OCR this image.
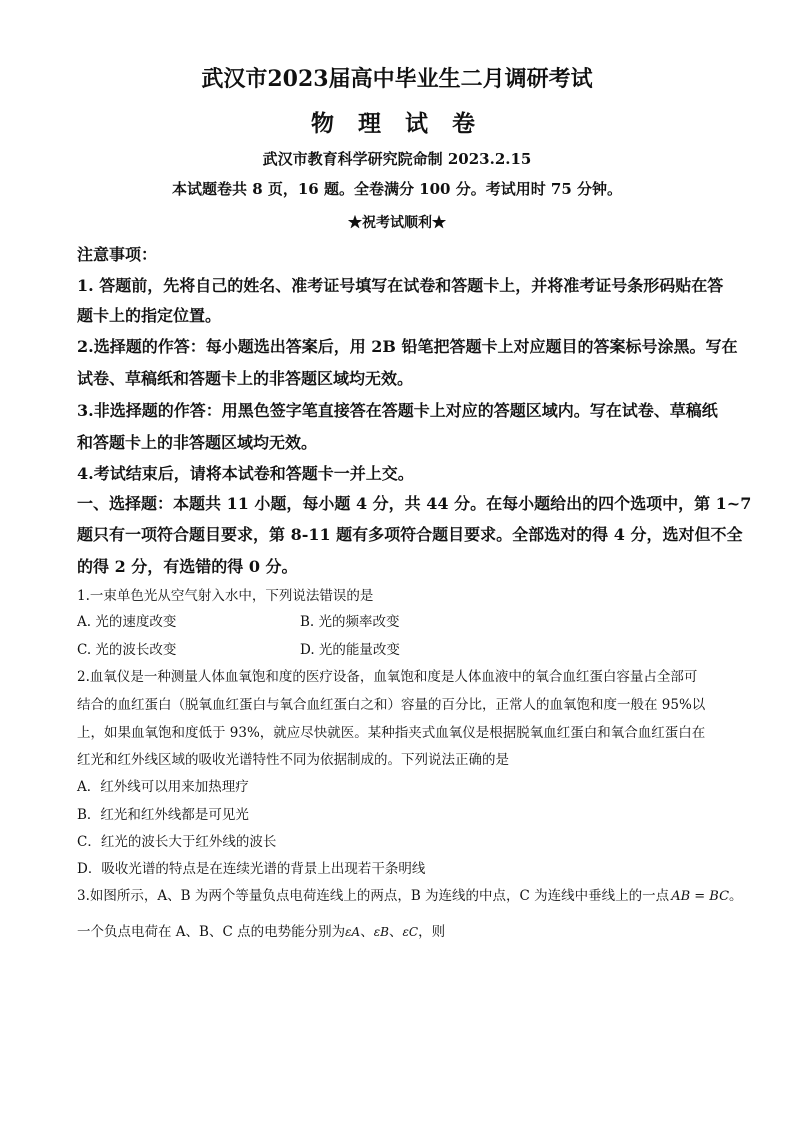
武汉市2023届高中毕业生二月调研考试
物 理 试 卷
武汉市教育科学研究院命制 2023.2.15
本试题卷共 8 页，16 题。全卷满分 100 分。考试用时 75 分钟。
★祝考试顺利★
注意事项：
1. 答题前，先将自己的姓名、准考证号填写在试卷和答题卡上，并将准考证号条形码贴在答
题卡上的指定位置。
2.选择题的作答：每小题选出答案后，用 2B 铅笔把答题卡上对应题目的答案标号涂黑。写在
试卷、草稿纸和答题卡上的非答题区域均无效。
3.非选择题的作答：用黑色签字笔直接答在答题卡上对应的答题区域内。写在试卷、草稿纸
和答题卡上的非答题区域均无效。
4.考试结束后，请将本试卷和答题卡一并上交。
一、选择题：本题共 11 小题，每小题 4 分，共 44 分。在每小题给出的四个选项中，第 1~7
题只有一项符合题目要求，第 8-11 题有多项符合题目要求。全部选对的得 4 分，选对但不全
的得 2 分，有选错的得 0 分。
1.一束单色光从空气射入水中，下列说法错误的是
A. 光的速度改变	B. 光的频率改变
C. 光的波长改变	D. 光的能量改变
2.血氧仪是一种测量人体血氧饱和度的医疗设备，血氧饱和度是人体血液中的氧合血红蛋白容量占全部可
结合的血红蛋白（脱氧血红蛋白与氧合血红蛋白之和）容量的百分比，正常人的血氧饱和度一般在 95%以
上，如果血氧饱和度低于 93%，就应尽快就医。某种指夹式血氧仪是根据脱氧血红蛋白和氧合血红蛋白在
红光和红外线区域的吸收光谱特性不同为依据制成的。下列说法正确的是
A．红外线可以用来加热理疗
B．红光和红外线都是可见光
C．红光的波长大于红外线的波长
D．吸收光谱的特点是在连续光谱的背景上出现若干条明线
3.如图所示，A、B 为两个等量负点电荷连线上的两点，B 为连线的中点，C 为连线中垂线上的一点 AB = BC。
一个负点电荷在 A、B、C 点的电势能分别为εA、εB、εC，则
